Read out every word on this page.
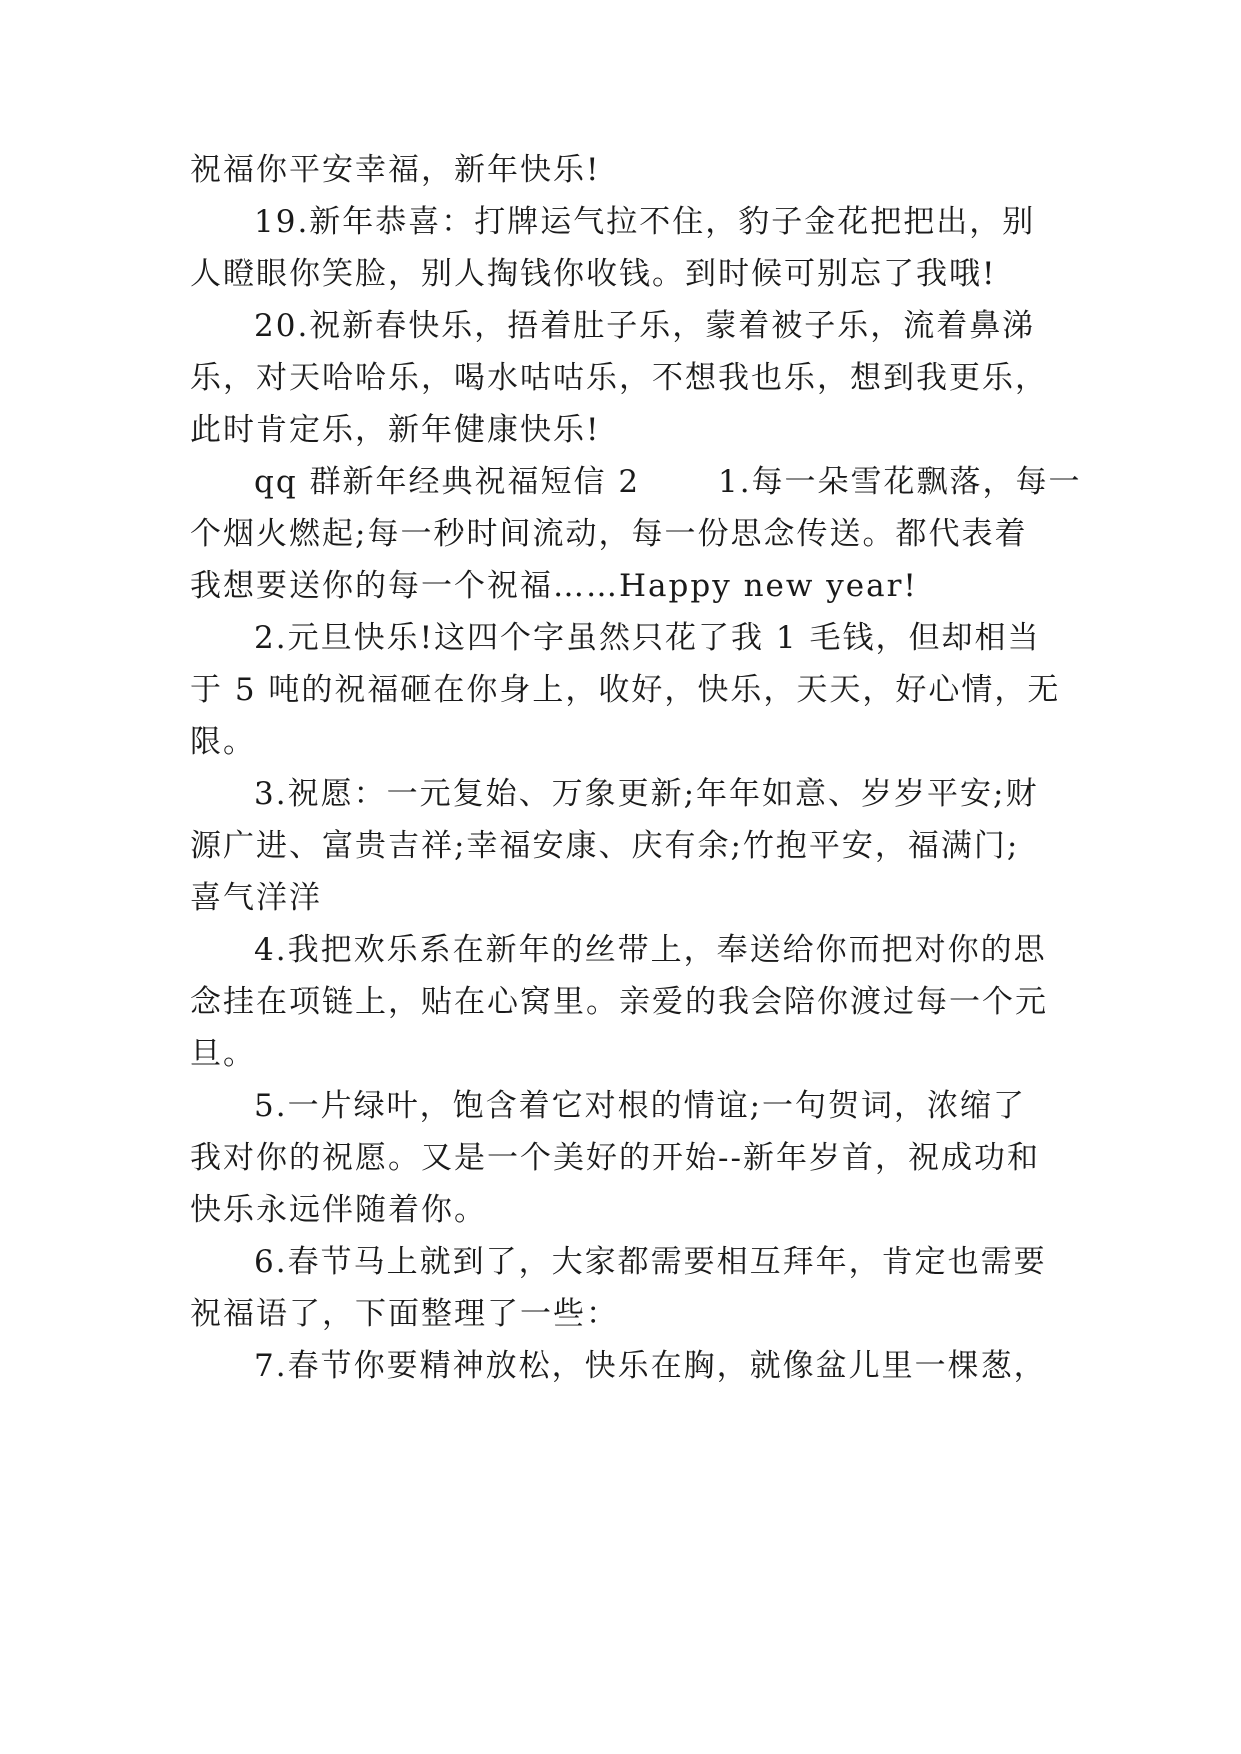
祝福你平安幸福，新年快乐!
19.新年恭喜：打牌运气拉不住，豹子金花把把出，别
人瞪眼你笑脸，别人掏钱你收钱。到时候可别忘了我哦!
20.祝新春快乐，捂着肚子乐，蒙着被子乐，流着鼻涕
乐，对天哈哈乐，喝水咕咕乐，不想我也乐，想到我更乐，
此时肯定乐，新年健康快乐!
qq 群新年经典祝福短信 2　　 1.每一朵雪花飘落，每一
个烟火燃起;每一秒时间流动，每一份思念传送。都代表着
我想要送你的每一个祝福……Happy new year!
2.元旦快乐!这四个字虽然只花了我 1 毛钱，但却相当
于 5 吨的祝福砸在你身上，收好，快乐，天天，好心情，无
限。
3.祝愿：一元复始、万象更新;年年如意、岁岁平安;财
源广进、富贵吉祥;幸福安康、庆有余;竹抱平安，福满门;
喜气洋洋
4.我把欢乐系在新年的丝带上，奉送给你而把对你的思
念挂在项链上，贴在心窝里。亲爱的我会陪你渡过每一个元
旦。
5.一片绿叶，饱含着它对根的情谊;一句贺词，浓缩了
我对你的祝愿。又是一个美好的开始--新年岁首，祝成功和
快乐永远伴随着你。
6.春节马上就到了，大家都需要相互拜年，肯定也需要
祝福语了，下面整理了一些：
7.春节你要精神放松，快乐在胸，就像盆儿里一棵葱，
